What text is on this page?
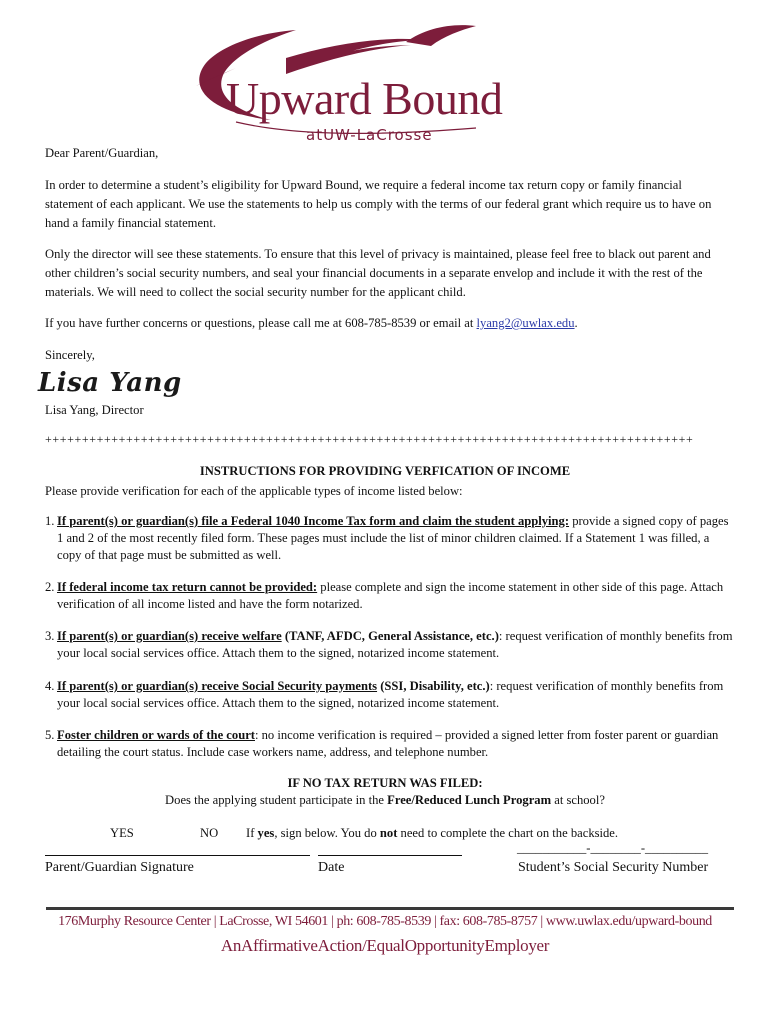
Upward Bound
atUW-LaCrosse
Dear Parent/Guardian,
In order to determine a student’s eligibility for Upward Bound, we require a federal income tax return copy or family financial statement of each applicant. We use the statements to help us comply with the terms of our federal grant which require us to have on hand a family financial statement.
Only the director will see these statements. To ensure that this level of privacy is maintained, please feel free to black out parent and other children’s social security numbers, and seal your financial documents in a separate envelop and include it with the rest of the materials. We will need to collect the social security number for the applicant child.
If you have further concerns or questions, please call me at 608-785-8539 or email at lyang2@uwlax.edu.
Sincerely,
Lisa Yang
Lisa Yang, Director
++++++++++++++++++++++++++++++++++++++++++++++++++++++++++++++++++++++++++++++++++++++++
INSTRUCTIONS FOR PROVIDING VERFICATION OF INCOME
Please provide verification for each of the applicable types of income listed below:
1. If parent(s) or guardian(s) file a Federal 1040 Income Tax form and claim the student applying: provide a signed copy of pages 1 and 2 of the most recently filed form. These pages must include the list of minor children claimed. If a Statement 1 was filled, a copy of that page must be submitted as well.
2. If federal income tax return cannot be provided: please complete and sign the income statement in other side of this page. Attach verification of all income listed and have the form notarized.
3. If parent(s) or guardian(s) receive welfare (TANF, AFDC, General Assistance, etc.): request verification of monthly benefits from your local social services office. Attach them to the signed, notarized income statement.
4. If parent(s) or guardian(s) receive Social Security payments (SSI, Disability, etc.): request verification of monthly benefits from your local social services office. Attach them to the signed, notarized income statement.
5. Foster children or wards of the court: no income verification is required – provided a signed letter from foster parent or guardian detailing the court status. Include case workers name, address, and telephone number.
IF NO TAX RETURN WAS FILED:
Does the applying student participate in the Free/Reduced Lunch Program at school?
YES	NO If yes, sign below. You do not need to complete the chart on the backside.
___________-________-__________
Parent/Guardian Signature	Date	Student’s Social Security Number
176Murphy Resource Center | LaCrosse, WI 54601 | ph: 608-785-8539 | fax: 608-785-8757 | www.uwlax.edu/upward-bound
AnAffirmativeAction/EqualOpportunityEmployer
